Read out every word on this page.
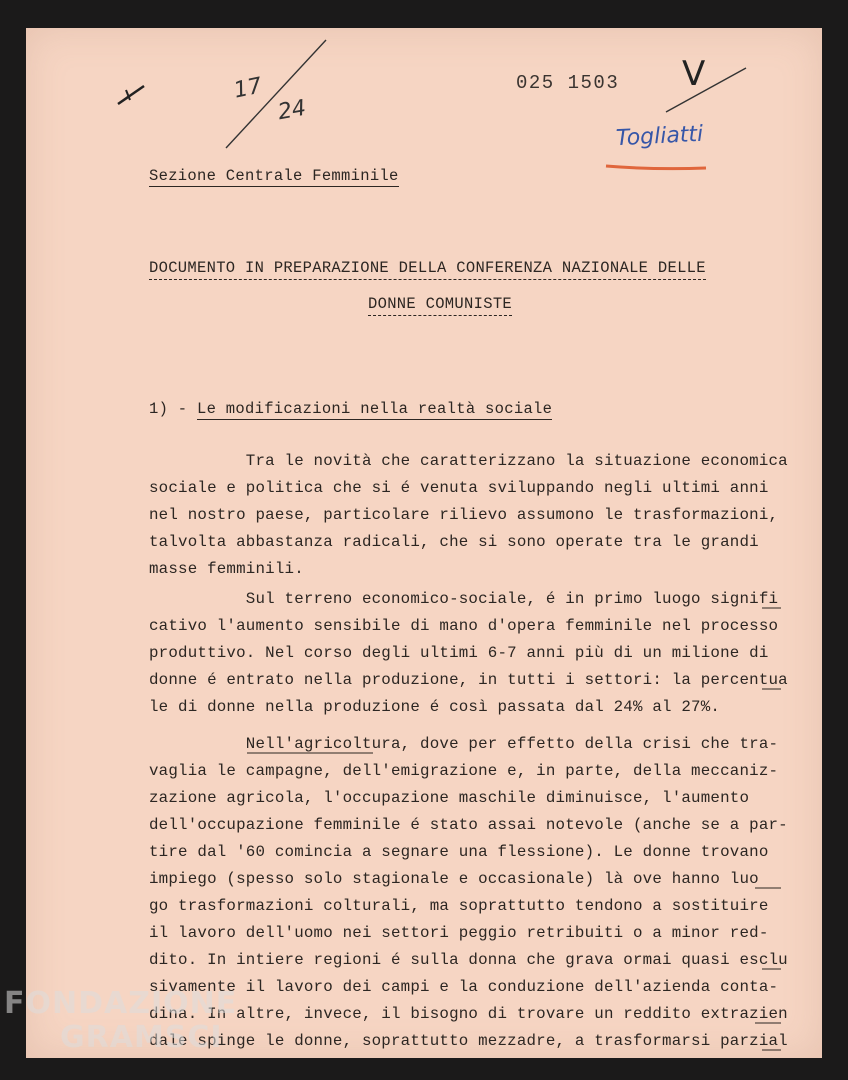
17
24
025 1503 V
Togliatti
Sezione Centrale Femminile
DOCUMENTO IN PREPARAZIONE DELLA CONFERENZA NAZIONALE DELLE
DONNE COMUNISTE
1) - Le modificazioni nella realtà sociale
Tra le novità che caratterizzano la situazione economica
sociale e politica che si é venuta sviluppando negli ultimi anni
nel nostro paese, particolare rilievo assumono le trasformazioni,
talvolta abbastanza radicali, che si sono operate tra le grandi
masse femminili.
Sul terreno economico-sociale, é in primo luogo signifi
cativo l'aumento sensibile di mano d'opera femminile nel processo
produttivo. Nel corso degli ultimi 6-7 anni più di un milione di
donne é entrato nella produzione, in tutti i settori: la percentua
le di donne nella produzione é così passata dal 24% al 27%.
Nell'agricoltura, dove per effetto della crisi che tra-
vaglia le campagne, dell'emigrazione e, in parte, della meccaniz-
zazione agricola, l'occupazione maschile diminuisce, l'aumento
dell'occupazione femminile é stato assai notevole (anche se a par-
tire dal '60 comincia a segnare una flessione). Le donne trovano
impiego (spesso solo stagionale e occasionale) là ove hanno luo
go trasformazioni colturali, ma soprattutto tendono a sostituire
il lavoro dell'uomo nei settori peggio retribuiti o a minor red-
dito. In intiere regioni é sulla donna che grava ormai quasi esclu
sivamente il lavoro dei campi e la conduzione dell'azienda conta-
dina. In altre, invece, il bisogno di trovare un reddito extrazien
dale spinge le donne, soprattutto mezzadre, a trasformarsi parzial
FONDAZIONE
GRAMSCI
